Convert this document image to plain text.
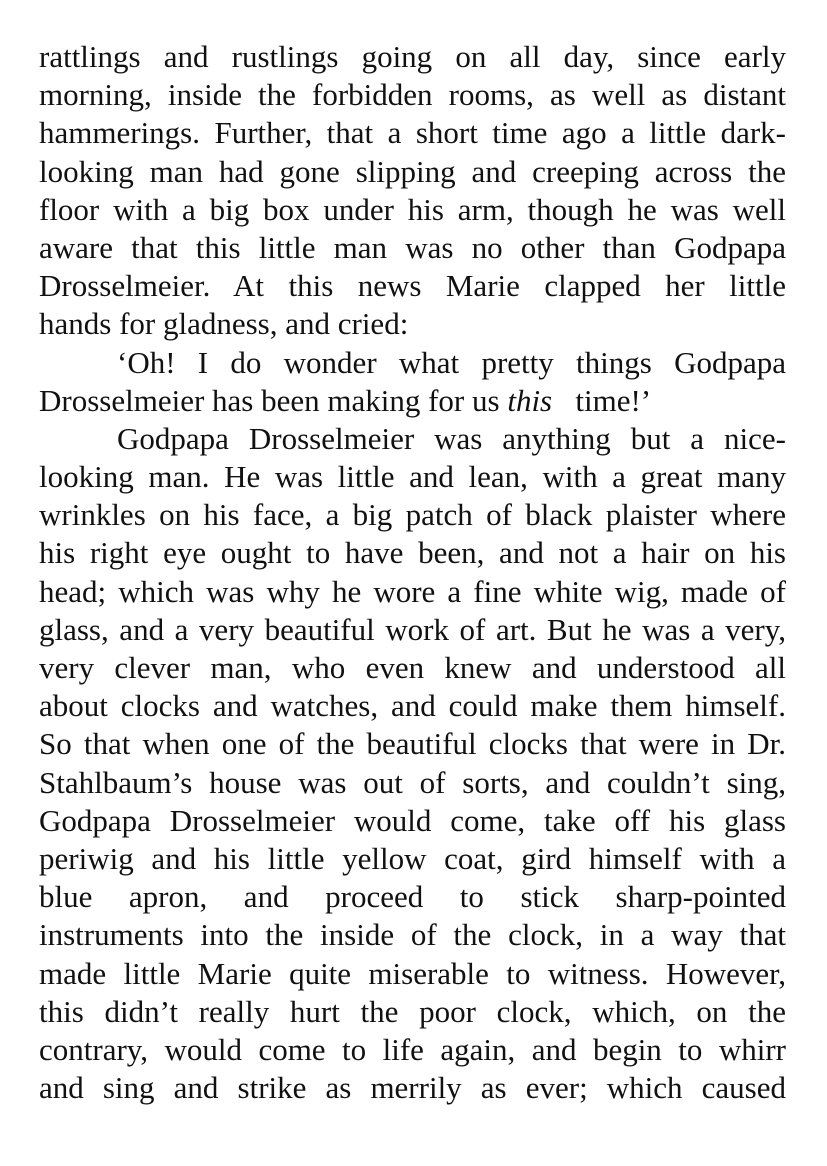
rattlings and rustlings going on all day, since early
morning, inside the forbidden rooms, as well as distant
hammerings. Further, that a short time ago a little dark-
looking man had gone slipping and creeping across the
floor with a big box under his arm, though he was well
aware that this little man was no other than Godpapa
Drosselmeier. At this news Marie clapped her little
hands for gladness, and cried:
‘Oh! I do wonder what pretty things Godpapa
Drosselmeier has been making for us this   time!’
Godpapa Drosselmeier was anything but a nice-
looking man. He was little and lean, with a great many
wrinkles on his face, a big patch of black plaister where
his right eye ought to have been, and not a hair on his
head; which was why he wore a fine white wig, made of
glass, and a very beautiful work of art. But he was a very,
very clever man, who even knew and understood all
about clocks and watches, and could make them himself.
So that when one of the beautiful clocks that were in Dr.
Stahlbaum’s house was out of sorts, and couldn’t sing,
Godpapa Drosselmeier would come, take off his glass
periwig and his little yellow coat, gird himself with a
blue apron, and proceed to stick sharp-pointed
instruments into the inside of the clock, in a way that
made little Marie quite miserable to witness. However,
this didn’t really hurt the poor clock, which, on the
contrary, would come to life again, and begin to whirr
and sing and strike as merrily as ever; which caused
